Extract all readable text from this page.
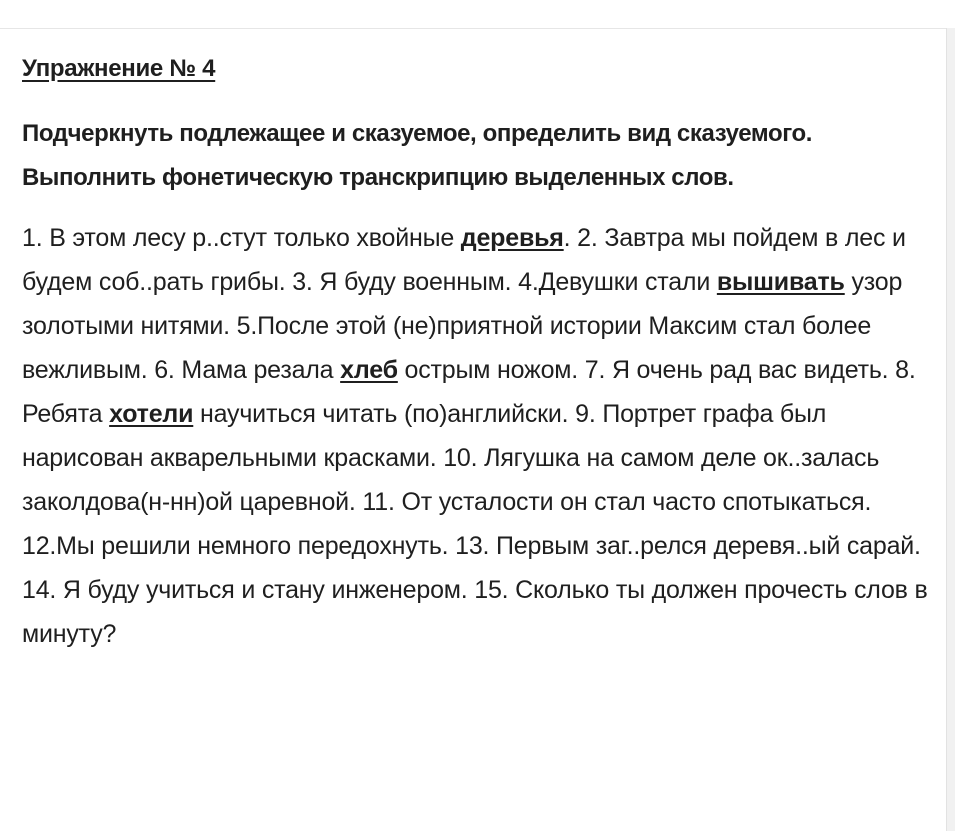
Упражнение № 4
Подчеркнуть подлежащее и сказуемое, определить вид сказуемого. Выполнить фонетическую транскрипцию выделенных слов.

1. В этом лесу р..стут только хвойные деревья. 2. Завтра мы пойдем в лес и будем соб..рать грибы. 3. Я буду военным. 4.Девушки стали вышивать узор золотыми нитями. 5.После этой (не)приятной истории Максим стал более вежливым. 6. Мама резала хлеб острым ножом. 7. Я очень рад вас видеть. 8. Ребята хотели научиться читать (по)английски. 9. Портрет графа был нарисован акварельными красками. 10. Лягушка на самом деле ок..залась заколдова(н-нн)ой царевной. 11. От усталости он стал часто спотыкаться. 12.Мы решили немного передохнуть. 13. Первым заг..релся деревя..ый сарай. 14. Я буду учиться и стану инженером. 15. Сколько ты должен прочесть слов в минуту?
